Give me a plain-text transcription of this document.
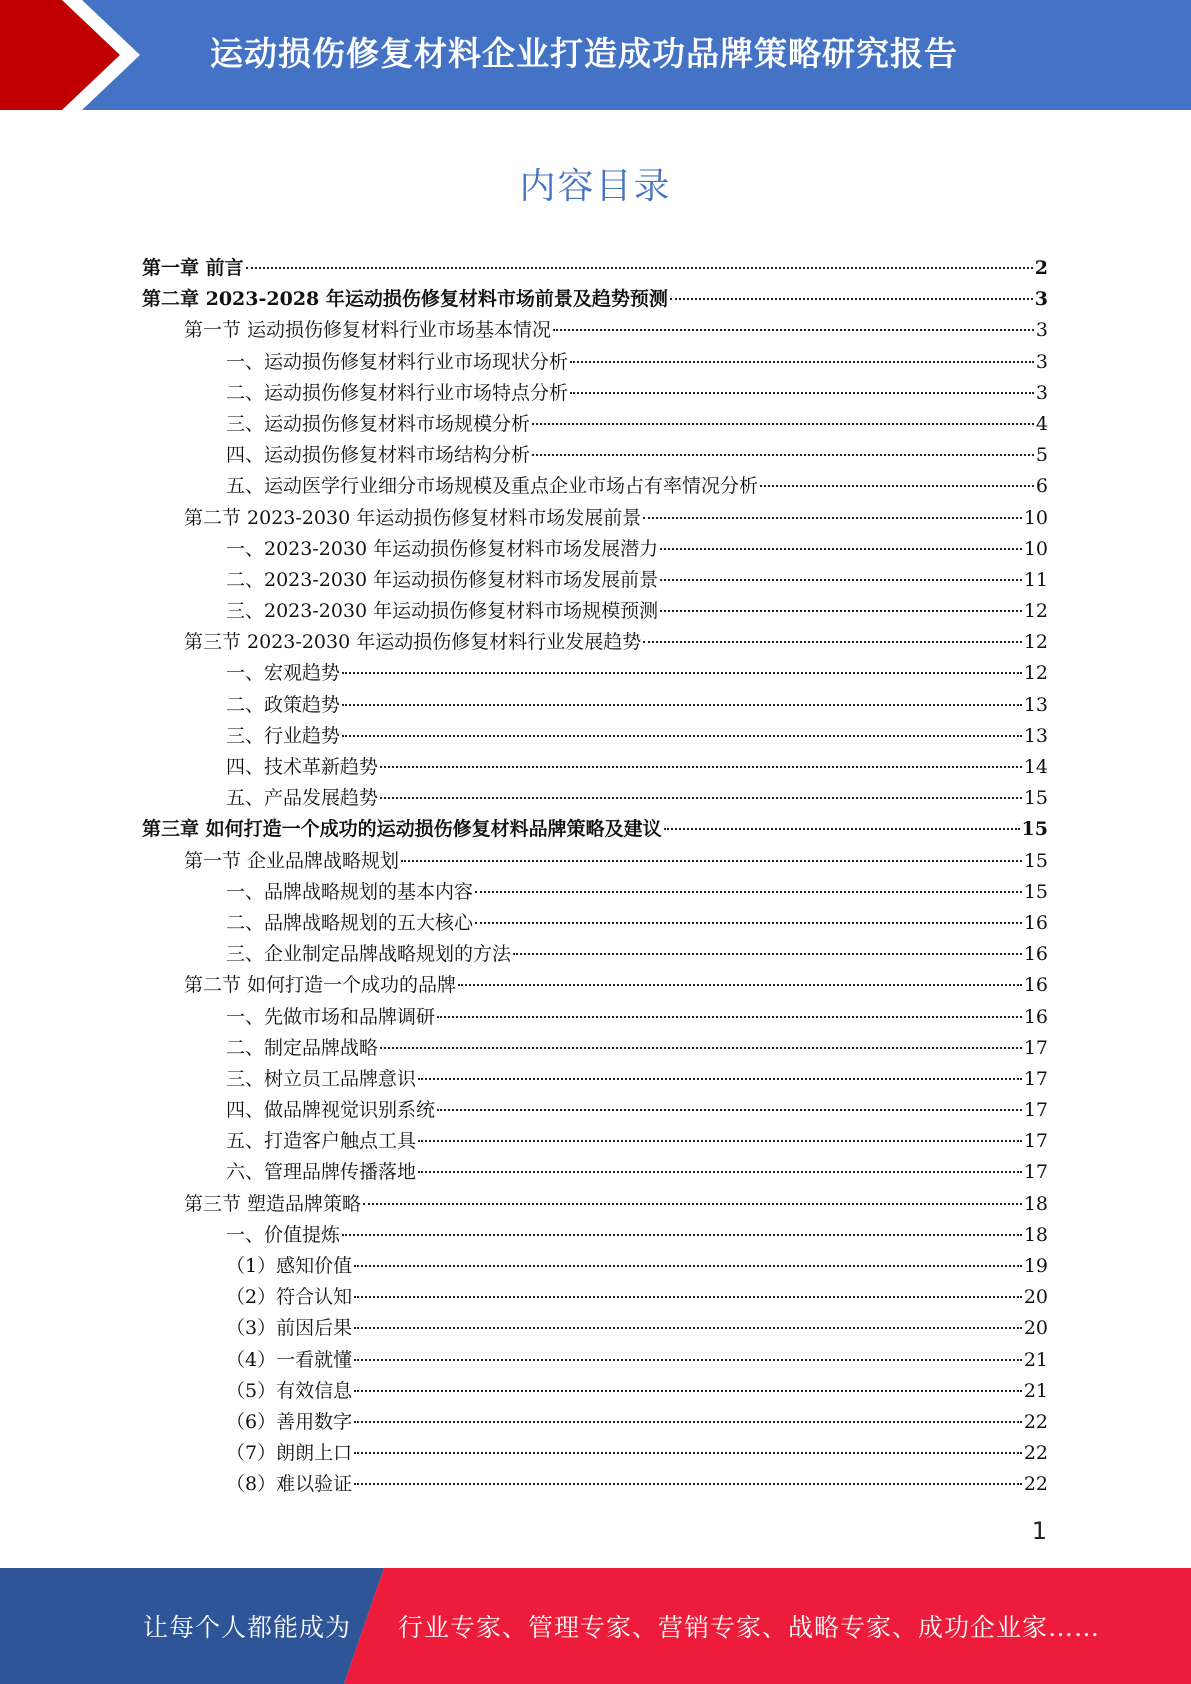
运动损伤修复材料企业打造成功品牌策略研究报告
内容目录
第一章 前言	2
第二章 2023-2028 年运动损伤修复材料市场前景及趋势预测	3
第一节 运动损伤修复材料行业市场基本情况	3
一、运动损伤修复材料行业市场现状分析	3
二、运动损伤修复材料行业市场特点分析	3
三、运动损伤修复材料市场规模分析	4
四、运动损伤修复材料市场结构分析	5
五、运动医学行业细分市场规模及重点企业市场占有率情况分析	6
第二节 2023-2030 年运动损伤修复材料市场发展前景	10
一、2023-2030 年运动损伤修复材料市场发展潜力	10
二、2023-2030 年运动损伤修复材料市场发展前景	11
三、2023-2030 年运动损伤修复材料市场规模预测	12
第三节 2023-2030 年运动损伤修复材料行业发展趋势	12
一、宏观趋势	12
二、政策趋势	13
三、行业趋势	13
四、技术革新趋势	14
五、产品发展趋势	15
第三章 如何打造一个成功的运动损伤修复材料品牌策略及建议	15
第一节 企业品牌战略规划	15
一、品牌战略规划的基本内容	15
二、品牌战略规划的五大核心	16
三、企业制定品牌战略规划的方法	16
第二节 如何打造一个成功的品牌	16
一、先做市场和品牌调研	16
二、制定品牌战略	17
三、树立员工品牌意识	17
四、做品牌视觉识别系统	17
五、打造客户触点工具	17
六、管理品牌传播落地	17
第三节 塑造品牌策略	18
一、价值提炼	18
（1）感知价值	19
（2）符合认知	20
（3）前因后果	20
（4）一看就懂	21
（5）有效信息	21
（6）善用数字	22
（7）朗朗上口	22
（8）难以验证	22
1
让每个人都能成为 行业专家、管理专家、营销专家、战略专家、成功企业家……
